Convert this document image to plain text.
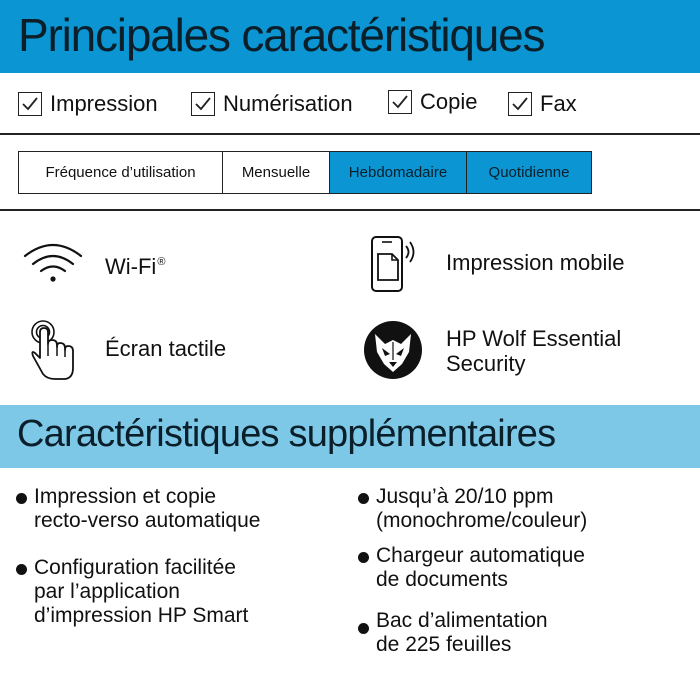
Principales caractéristiques
Impression	Numérisation	Copie	Fax
Fréquence d’utilisation	Mensuelle	Hebdomadaire	Quotidienne
Wi-Fi®	Impression mobile
Écran tactile	HP Wolf Essential
Security
Caractéristiques supplémentaires
Impression et copie
recto-verso automatique
Configuration facilitée
par l’application
d’impression HP Smart
Jusqu’à 20/10 ppm
(monochrome/couleur)
Chargeur automatique
de documents
Bac d’alimentation
de 225 feuilles
